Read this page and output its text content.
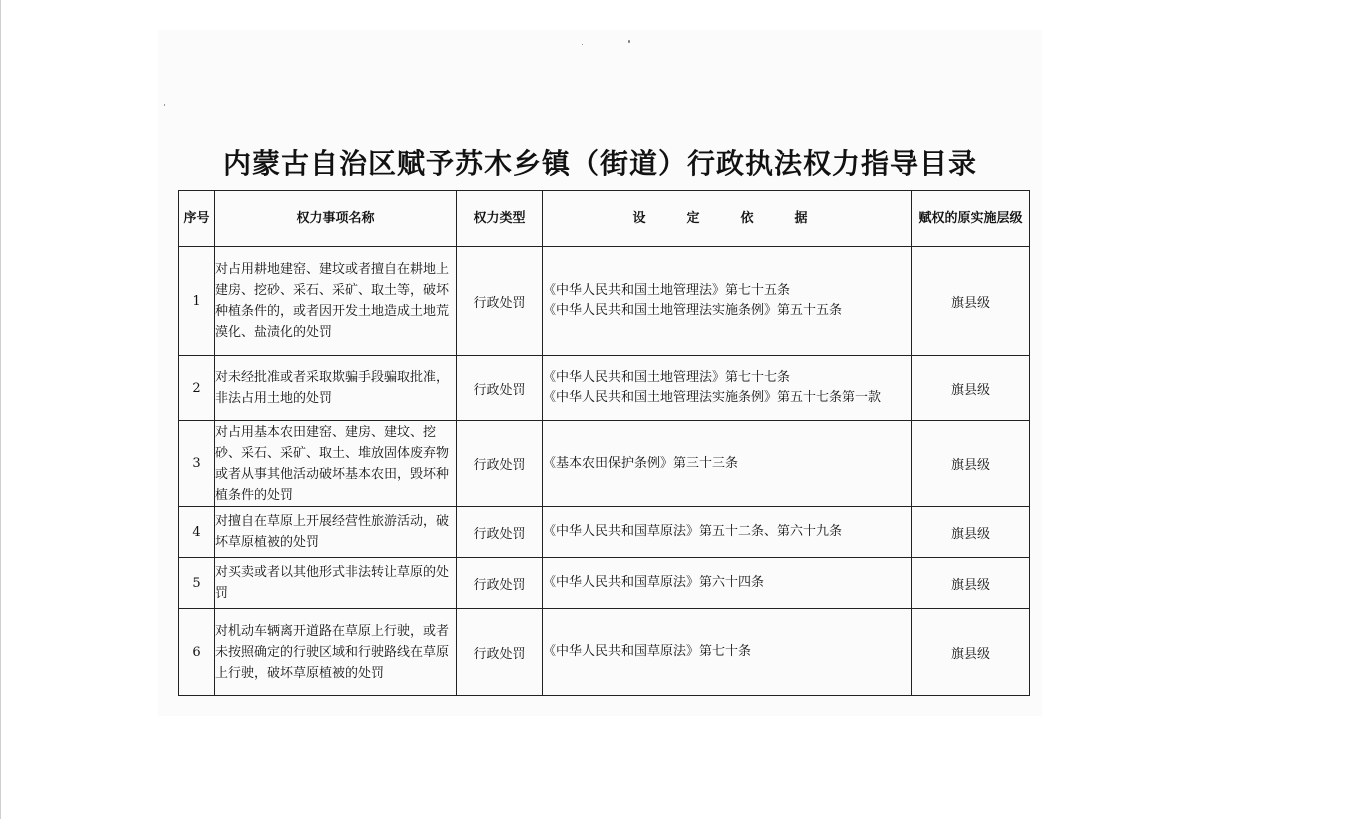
内蒙古自治区赋予苏木乡镇（街道）行政执法权力指导目录
序号	权力事项名称	权力类型	设　定　依　据	赋权的原实施层级
1	对占用耕地建窑、建坟或者擅自在耕地上建房、挖砂、采石、采矿、取土等，破坏种植条件的，或者因开发土地造成土地荒漠化、盐渍化的处罚	行政处罚	《中华人民共和国土地管理法》第七十五条
《中华人民共和国土地管理法实施条例》第五十五条	旗县级
2	对未经批准或者采取欺骗手段骗取批准，非法占用土地的处罚	行政处罚	《中华人民共和国土地管理法》第七十七条
《中华人民共和国土地管理法实施条例》第五十七条第一款	旗县级
3	对占用基本农田建窑、建房、建坟、挖砂、采石、采矿、取土、堆放固体废弃物或者从事其他活动破坏基本农田，毁坏种植条件的处罚	行政处罚	《基本农田保护条例》第三十三条	旗县级
4	对擅自在草原上开展经营性旅游活动，破坏草原植被的处罚	行政处罚	《中华人民共和国草原法》第五十二条、第六十九条	旗县级
5	对买卖或者以其他形式非法转让草原的处罚	行政处罚	《中华人民共和国草原法》第六十四条	旗县级
6	对机动车辆离开道路在草原上行驶，或者未按照确定的行驶区域和行驶路线在草原上行驶，破坏草原植被的处罚	行政处罚	《中华人民共和国草原法》第七十条	旗县级
